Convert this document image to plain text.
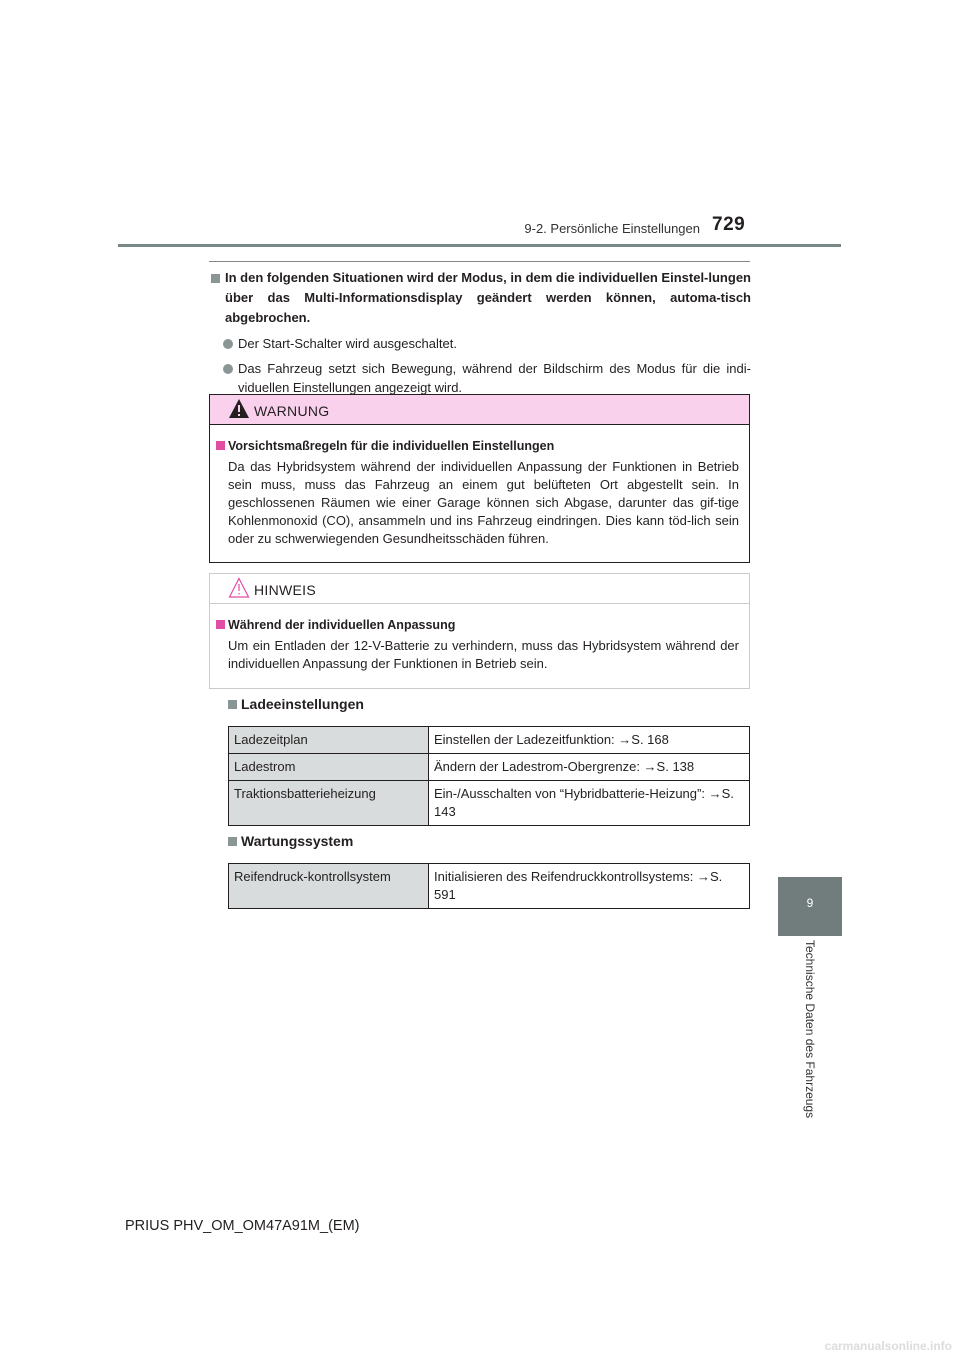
9-2. Persönliche Einstellungen 729
9
Technische Daten des Fahrzeugs
In den folgenden Situationen wird der Modus, in dem die individuellen Einstel-lungen über das Multi-Informationsdisplay geändert werden können, automa-tisch abgebrochen.
Der Start-Schalter wird ausgeschaltet.
Das Fahrzeug setzt sich Bewegung, während der Bildschirm des Modus für die indi-viduellen Einstellungen angezeigt wird.
WARNUNG
Vorsichtsmaßregeln für die individuellen Einstellungen
Da das Hybridsystem während der individuellen Anpassung der Funktionen in Betrieb sein muss, muss das Fahrzeug an einem gut belüfteten Ort abgestellt sein. In geschlossenen Räumen wie einer Garage können sich Abgase, darunter das gif-tige Kohlenmonoxid (CO), ansammeln und ins Fahrzeug eindringen. Dies kann töd-lich sein oder zu schwerwiegenden Gesundheitsschäden führen.
HINWEIS
Während der individuellen Anpassung
Um ein Entladen der 12-V-Batterie zu verhindern, muss das Hybridsystem während der individuellen Anpassung der Funktionen in Betrieb sein.
Ladeeinstellungen
Ladezeitplan	Einstellen der Ladezeitfunktion: →S. 168
Ladestrom	Ändern der Ladestrom-Obergrenze: →S. 138
Traktionsbatterieheizung	Ein-/Ausschalten von “Hybridbatterie-Heizung”: →S. 143
Wartungssystem
Reifendruck-kontrollsystem	Initialisieren des Reifendruckkontrollsystems: →S. 591
PRIUS PHV_OM_OM47A91M_(EM)
carmanualsonline.info
